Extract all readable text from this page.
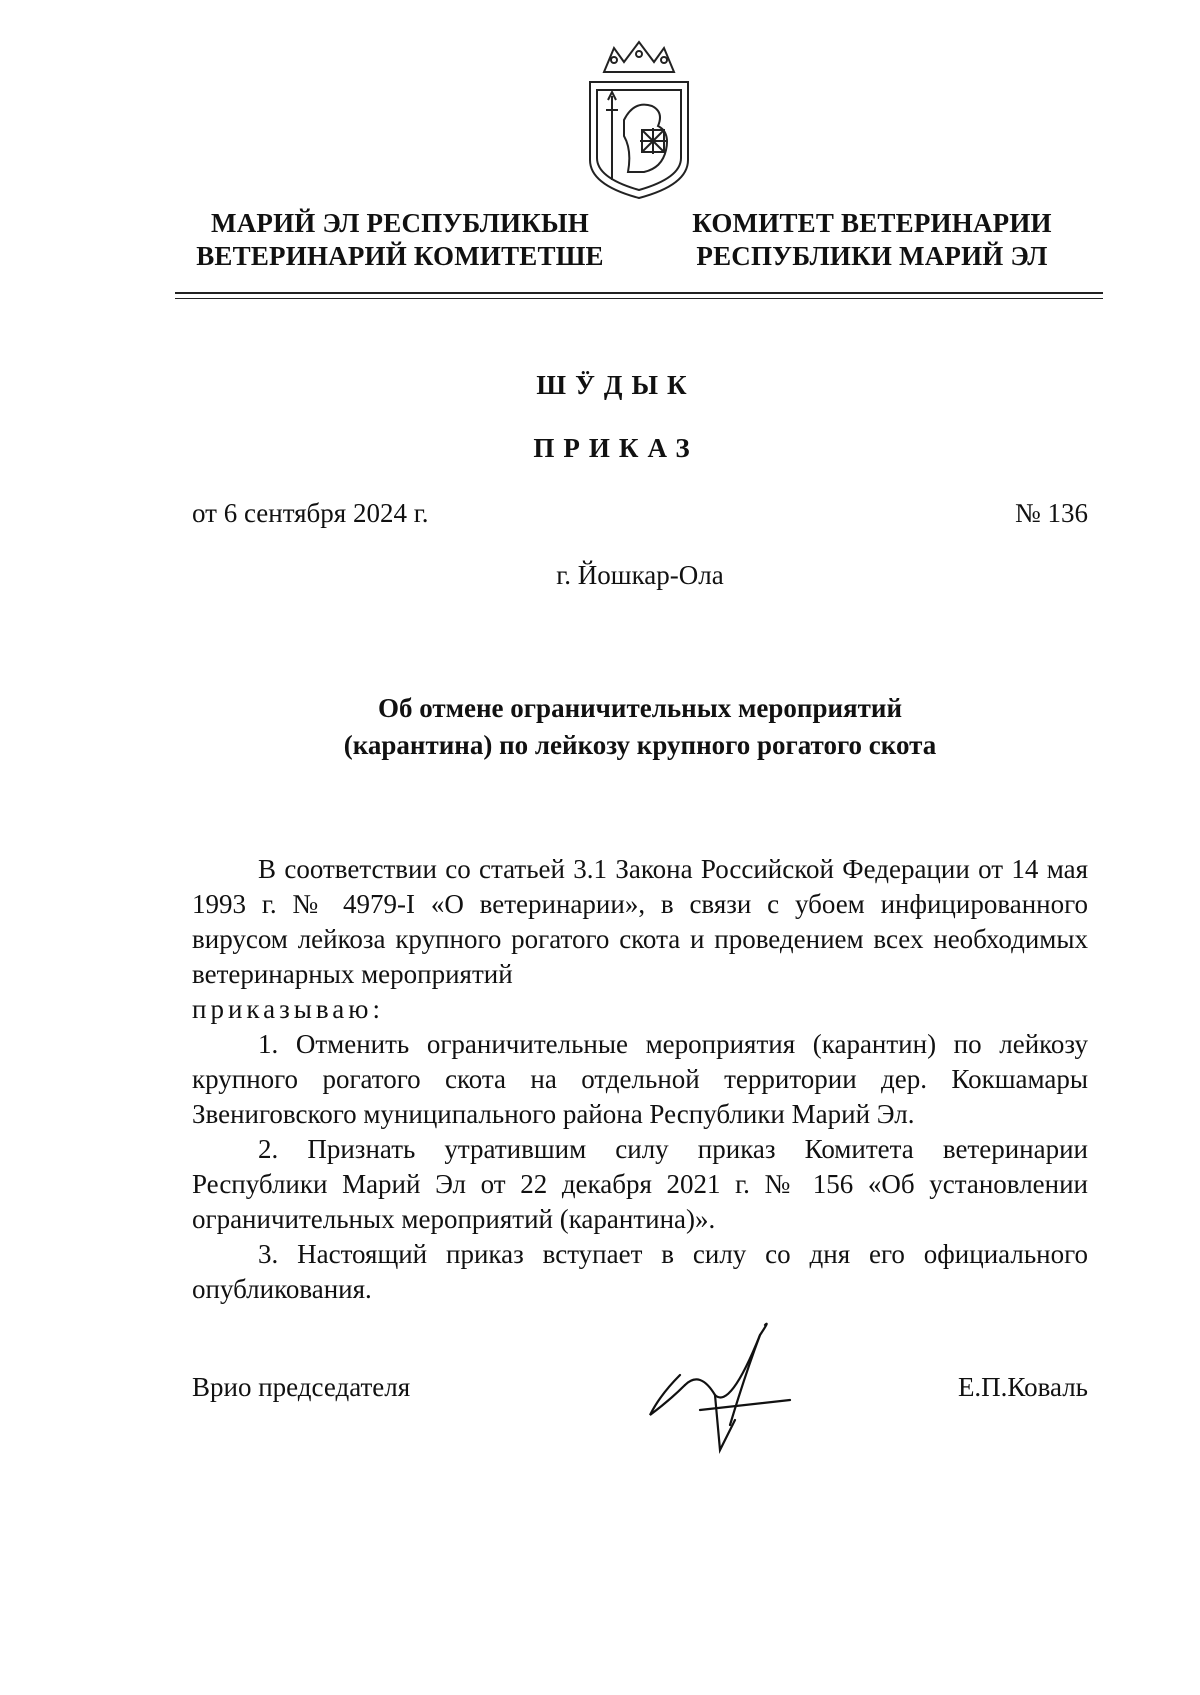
МАРИЙ ЭЛ РЕСПУБЛИКЫН
ВЕТЕРИНАРИЙ КОМИТЕТШЕ
КОМИТЕТ ВЕТЕРИНАРИИ
РЕСПУБЛИКИ МАРИЙ ЭЛ
ШӰДЫК
ПРИКАЗ
от 6 сентября 2024 г.	№ 136
г. Йошкар-Ола
Об отмене ограничительных мероприятий
(карантина) по лейкозу крупного рогатого скота

В соответствии со статьей 3.1 Закона Российской Федерации от 14 мая 1993 г. № 4979-I «О ветеринарии», в связи с убоем инфицированного вирусом лейкоза крупного рогатого скота и проведением всех необходимых ветеринарных мероприятий

приказываю:

1. Отменить ограничительные мероприятия (карантин) по лейкозу крупного рогатого скота на отдельной территории дер. Кокшамары Звениговского муниципального района Республики Марий Эл.

2. Признать утратившим силу приказ Комитета ветеринарии Республики Марий Эл от 22 декабря 2021 г. № 156 «Об установлении ограничительных мероприятий (карантина)».

3. Настоящий приказ вступает в силу со дня его официального опубликования.

Врио председателя	Е.П.Коваль
